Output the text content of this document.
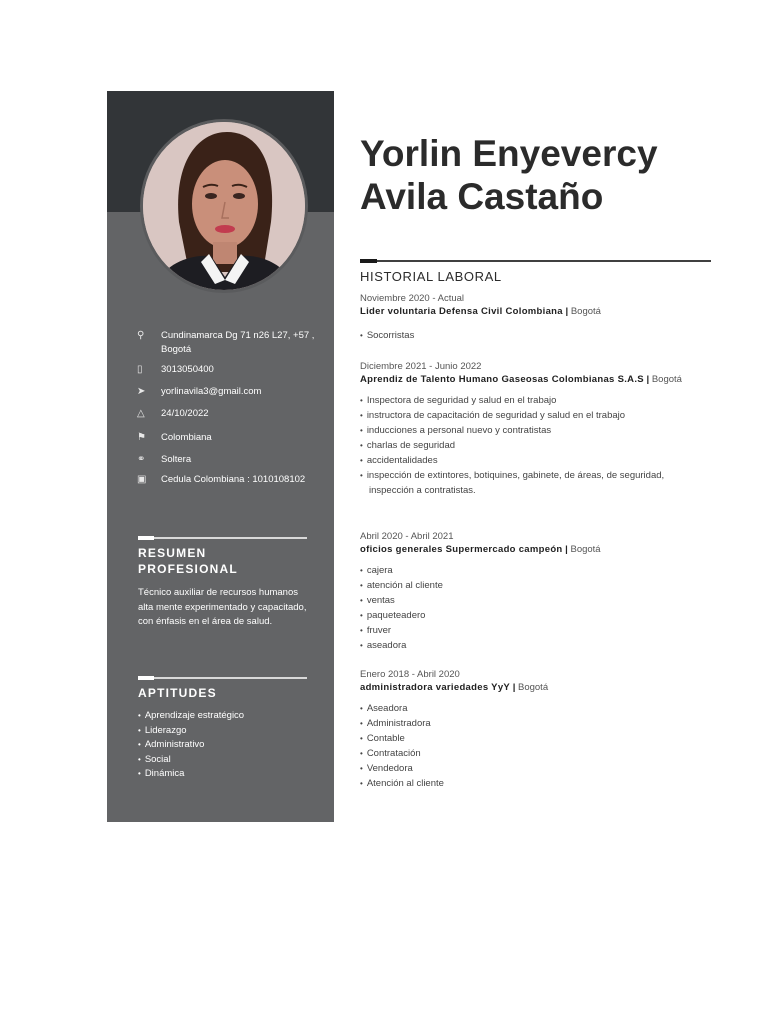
⚲	Cundinamarca Dg 71 n26 L27, +57 , Bogotá
▯	3013050400
➤	yorlinavila3@gmail.com
△	24/10/2022
⚑	Colombiana
⚭	Soltera
▣	Cedula Colombiana : 1010108102
RESUMEN
PROFESIONAL
Técnico auxiliar de recursos humanos alta mente experimentado y capacitado, con énfasis en el área de salud.
APTITUDES
• Aprendizaje estratégico
• Liderazgo
• Administrativo
• Social
• Dinámica
Yorlin Enyevercy
Avila Castaño
HISTORIAL LABORAL
Noviembre 2020 - Actual
Lider voluntaria Defensa Civil Colombiana | Bogotá
• Socorristas
Diciembre 2021 - Junio 2022
Aprendiz de Talento Humano Gaseosas Colombianas S.A.S | Bogotá
• Inspectora de seguridad y salud en el trabajo
• instructora de capacitación de seguridad y salud en el trabajo
• inducciones a personal nuevo y contratistas
• charlas de seguridad
• accidentalidades
• inspección de extintores, botiquines, gabinete, de áreas, de seguridad, inspección a contratistas.
Abril 2020 - Abril 2021
oficios generales Supermercado campeón | Bogotá
• cajera
• atención al cliente
• ventas
• paqueteadero
• fruver
• aseadora
Enero 2018 - Abril 2020
administradora variedades YyY | Bogotá
• Aseadora
• Administradora
• Contable
• Contratación
• Vendedora
• Atención al cliente
